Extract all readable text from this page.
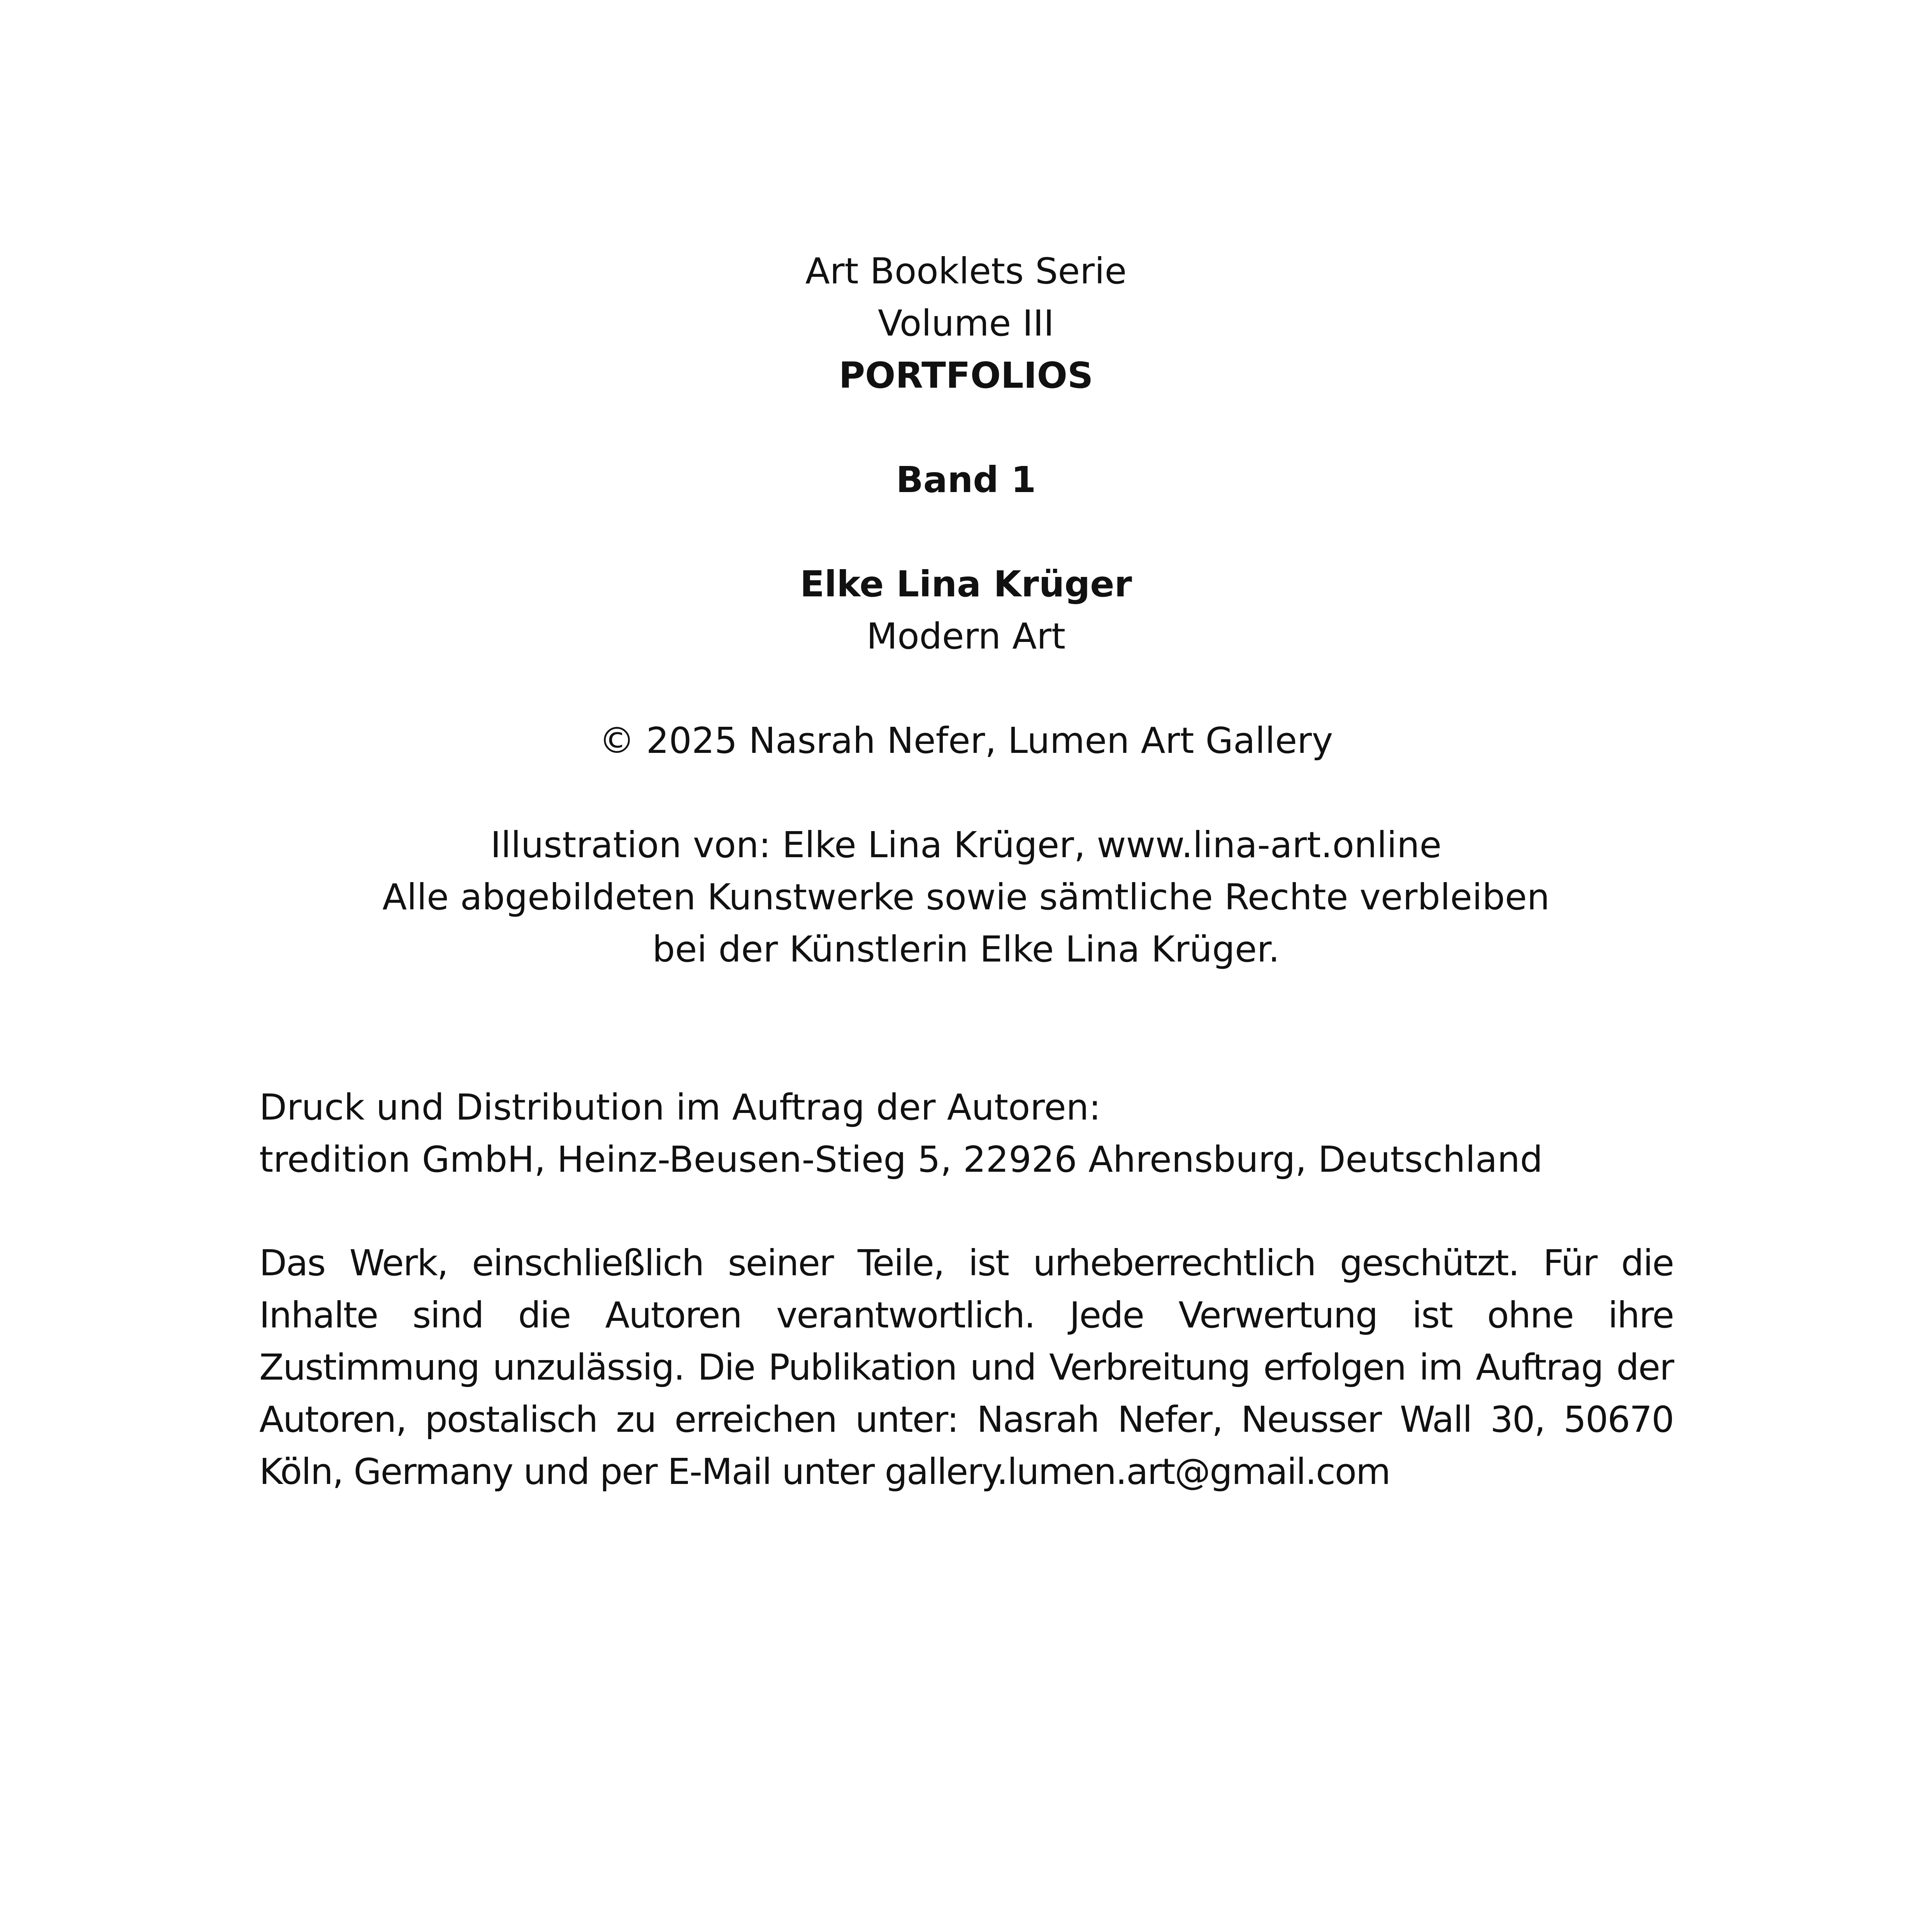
Art Booklets Serie
Volume III
PORTFOLIOS
Band 1
Elke Lina Krüger
Modern Art
© 2025 Nasrah Nefer, Lumen Art Gallery
Illustration von: Elke Lina Krüger, www.lina-art.online
Alle abgebildeten Kunstwerke sowie sämtliche Rechte verbleiben
bei der Künstlerin Elke Lina Krüger.
Druck und Distribution im Auftrag der Autoren:
tredition GmbH, Heinz-Beusen-Stieg 5, 22926 Ahrensburg, Deutschland
Das Werk, einschließlich seiner Teile, ist urheberrechtlich geschützt. Für die Inhalte sind die Autoren verantwortlich. Jede Verwertung ist ohne ihre Zustimmung unzulässig. Die Publikation und Verbreitung erfolgen im Auftrag der Autoren, postalisch zu erreichen unter: Nasrah Nefer, Neusser Wall 30, 50670 Köln, Germany und per E-Mail unter gallery.lumen.art@gmail.com
